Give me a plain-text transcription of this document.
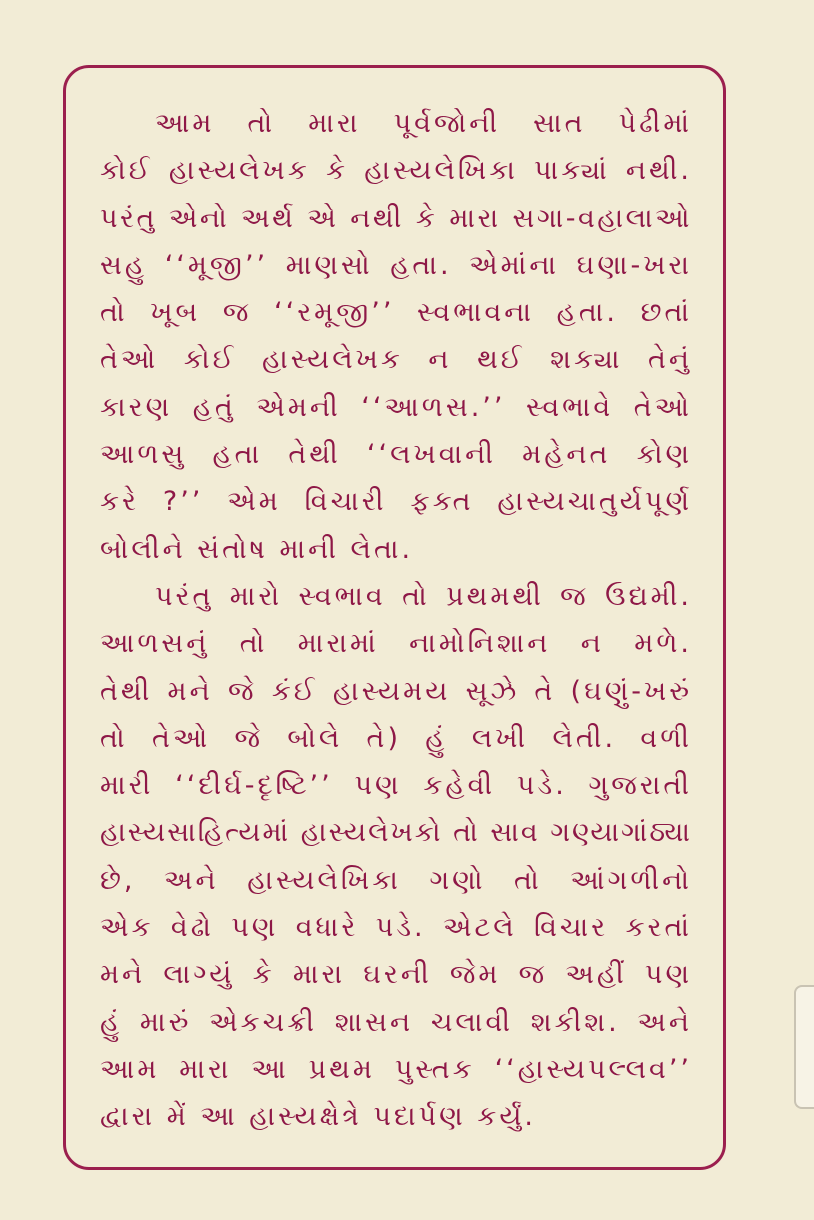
આમ તો મારા પૂર્વજોની સાત પેઢીમાં
કોઈ હાસ્યલેખક કે હાસ્યલેખિકા પાક્યાં નથી.
પરંતુ એનો અર્થ એ નથી કે મારા સગા-વહાલાઓ
સહુ ‘‘મૂજી’’ માણસો હતા. એમાંના ઘણા-ખરા
તો ખૂબ જ ‘‘રમૂજી’’ સ્વભાવના હતા. છતાં
તેઓ કોઈ હાસ્યલેખક ન થઈ શક્યા તેનું
કારણ હતું એમની ‘‘આળસ.’’ સ્વભાવે તેઓ
આળસુ હતા તેથી ‘‘લખવાની મહેનત કોણ
કરે ?’’ એમ વિચારી ફક્ત હાસ્યચાતુર્યપૂર્ણ
બોલીને સંતોષ માની લેતા.
પરંતુ મારો સ્વભાવ તો પ્રથમથી જ ઉદ્યમી.
આળસનું તો મારામાં નામોનિશાન ન મળે.
તેથી મને જે કંઈ હાસ્યમય સૂઝે તે (ઘણું-ખરું
તો તેઓ જે બોલે તે) હું લખી લેતી. વળી
મારી ‘‘દીર્ઘ-દૃષ્ટિ’’ પણ કહેવી પડે. ગુજરાતી
હાસ્યસાહિત્યમાં હાસ્યલેખકો તો સાવ ગણ્યાગાંઠ્યા
છે, અને હાસ્યલેખિકા ગણો તો આંગળીનો
એક વેઢો પણ વધારે પડે. એટલે વિચાર કરતાં
મને લાગ્યું કે મારા ઘરની જેમ જ અહીં પણ
હું મારું એકચક્રી શાસન ચલાવી શકીશ. અને
આમ મારા આ પ્રથમ પુસ્તક ‘‘હાસ્યપલ્લવ’’
દ્વારા મેં આ હાસ્યક્ષેત્રે પદાર્પણ કર્યું.
